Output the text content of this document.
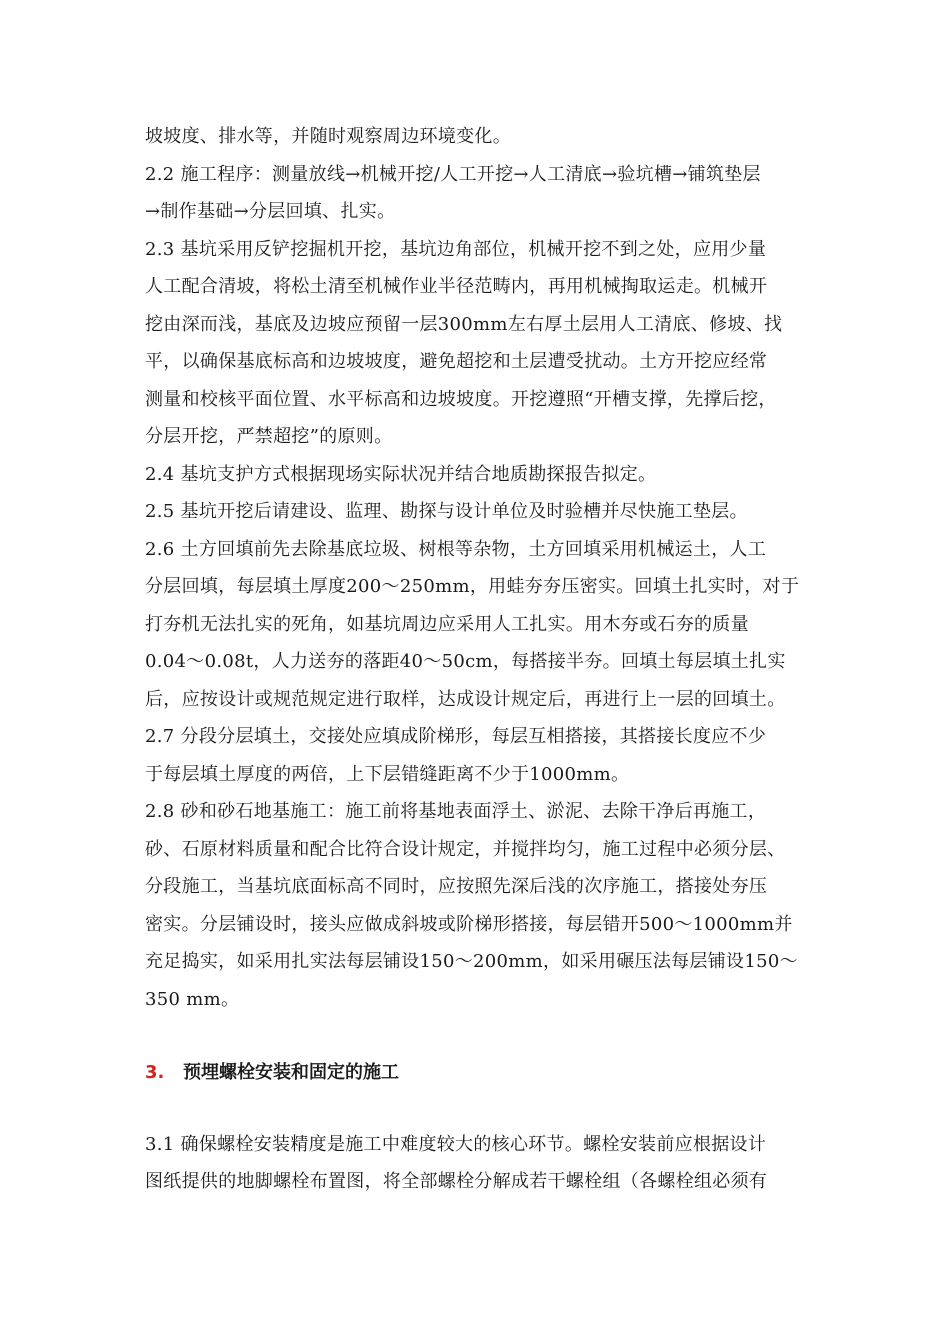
坡坡度、排水等，并随时观察周边环境变化。
2.2 施工程序：测量放线→机械开挖/人工开挖→人工清底→验坑槽→铺筑垫层
→制作基础→分层回填、扎实。
2.3 基坑采用反铲挖掘机开挖，基坑边角部位，机械开挖不到之处，应用少量
人工配合清坡，将松土清至机械作业半径范畴内，再用机械掏取运走。机械开
挖由深而浅，基底及边坡应预留一层300mm左右厚土层用人工清底、修坡、找
平，以确保基底标高和边坡坡度，避免超挖和土层遭受扰动。土方开挖应经常
测量和校核平面位置、水平标高和边坡坡度。开挖遵照“开槽支撑，先撑后挖，
分层开挖，严禁超挖”的原则。
2.4 基坑支护方式根据现场实际状况并结合地质勘探报告拟定。
2.5 基坑开挖后请建设、监理、勘探与设计单位及时验槽并尽快施工垫层。
2.6 土方回填前先去除基底垃圾、树根等杂物，土方回填采用机械运土，人工
分层回填，每层填土厚度200～250mm，用蛙夯夯压密实。回填土扎实时，对于
打夯机无法扎实的死角，如基坑周边应采用人工扎实。用木夯或石夯的质量
0.04～0.08t，人力送夯的落距40～50cm，每搭接半夯。回填土每层填土扎实
后，应按设计或规范规定进行取样，达成设计规定后，再进行上一层的回填土。
2.7 分段分层填土，交接处应填成阶梯形，每层互相搭接，其搭接长度应不少
于每层填土厚度的两倍，上下层错缝距离不少于1000mm。
2.8 砂和砂石地基施工：施工前将基地表面浮土、淤泥、去除干净后再施工，
砂、石原材料质量和配合比符合设计规定，并搅拌均匀，施工过程中必须分层、
分段施工，当基坑底面标高不同时，应按照先深后浅的次序施工，搭接处夯压
密实。分层铺设时，接头应做成斜坡或阶梯形搭接，每层错开500～1000mm并
充足捣实，如采用扎实法每层铺设150～200mm，如采用碾压法每层铺设150～
350 mm。
3. 预埋螺栓安装和固定的施工
3.1 确保螺栓安装精度是施工中难度较大的核心环节。螺栓安装前应根据设计
图纸提供的地脚螺栓布置图，将全部螺栓分解成若干螺栓组（各螺栓组必须有
